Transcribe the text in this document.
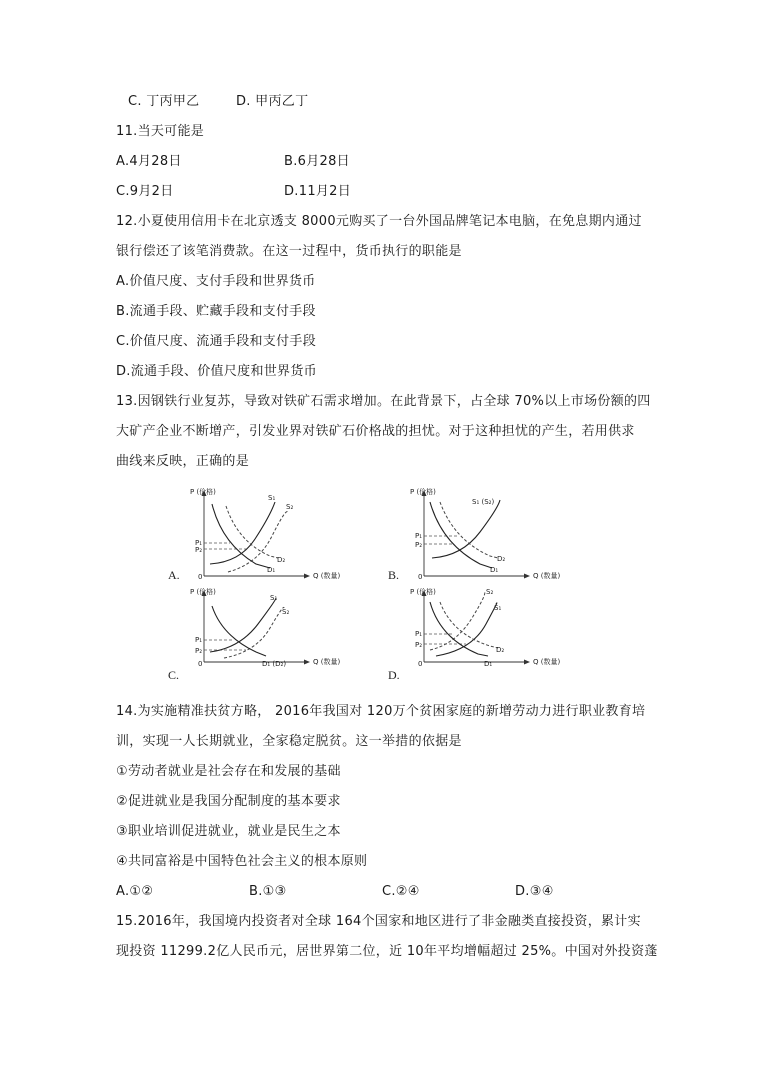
C. 丁丙甲乙	D. 甲丙乙丁
11.当天可能是
A.4月28日	B.6月28日
C.9月2日	D.11月2日
12.小夏使用信用卡在北京透支 8000元购买了一台外国品牌笔记本电脑，在免息期内通过
银行偿还了该笔消费款。在这一过程中，货币执行的职能是
A.价值尺度、支付手段和世界货币
B.流通手段、贮藏手段和支付手段
C.价值尺度、流通手段和支付手段
D.流通手段、价值尺度和世界货币
13.因钢铁行业复苏，导致对铁矿石需求增加。在此背景下，占全球 70%以上市场份额的四
大矿产企业不断增产，引发业界对铁矿石价格战的担忧。对于这种担忧的产生，若用供求
曲线来反映，正确的是
A.
P (价格)
Q (数量)
0
P₁
P₂
S₁
S₂
D₁
D₂
B.
P (价格)
Q (数量)
0
P₁
P₂
S₁ (S₂)
D₁
D₂
C.
P (价格)
Q (数量)
0
P₁
P₂
S₁
S₂
D₁ (D₂)
D.
P (价格)
Q (数量)
0
P₁
P₂
S₂
S₁
D₁
D₂
14.为实施精准扶贫方略， 2016年我国对 120万个贫困家庭的新增劳动力进行职业教育培
训，实现一人长期就业，全家稳定脱贫。这一举措的依据是
①劳动者就业是社会存在和发展的基础
②促进就业是我国分配制度的基本要求
③职业培训促进就业，就业是民生之本
④共同富裕是中国特色社会主义的根本原则
A.①②	B.①③	C.②④	D.③④
15.2016年，我国境内投资者对全球 164个国家和地区进行了非金融类直接投资，累计实
现投资 11299.2亿人民币元，居世界第二位，近 10年平均增幅超过 25%。中国对外投资蓬
